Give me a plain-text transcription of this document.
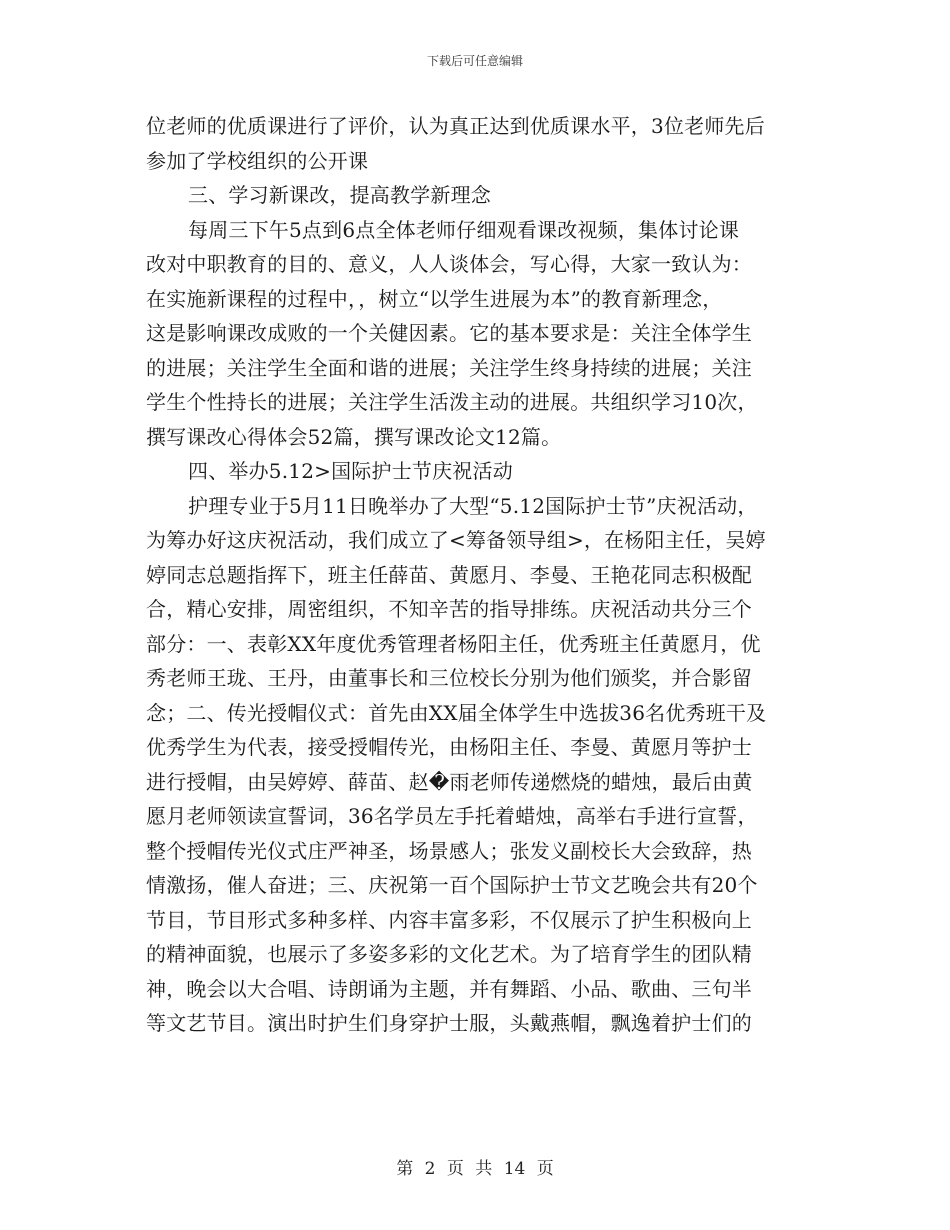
下载后可任意编辑
位老师的优质课进行了评价，认为真正达到优质课水平，3位老师先后
参加了学校组织的公开课
三、学习新课改，提高教学新理念
每周三下午5点到6点全体老师仔细观看课改视频，集体讨论课
改对中职教育的目的、意义，人人谈体会，写心得，大家一致认为：
在实施新课程的过程中，，树立“以学生进展为本”的教育新理念，
这是影响课改成败的一个关健因素。它的基本要求是：关注全体学生
的进展；关注学生全面和谐的进展；关注学生终身持续的进展；关注
学生个性持长的进展；关注学生活泼主动的进展。共组织学习10次，
撰写课改心得体会52篇，撰写课改论文12篇。
四、举办5.12>国际护士节庆祝活动
护理专业于5月11日晚举办了大型“5.12国际护士节”庆祝活动，
为筹办好这庆祝活动，我们成立了<筹备领导组>，在杨阳主任，吴婷
婷同志总题指挥下，班主任薛苗、黄愿月、李曼、王艳花同志积极配
合，精心安排，周密组织，不知辛苦的指导排练。庆祝活动共分三个
部分：一、表彰XX年度优秀管理者杨阳主任，优秀班主任黄愿月，优
秀老师王珑、王丹，由董事长和三位校长分别为他们颁奖，并合影留
念；二、传光授帽仪式：首先由XX届全体学生中选拔36名优秀班干及
优秀学生为代表，接受授帽传光，由杨阳主任、李曼、黄愿月等护士
进行授帽，由吴婷婷、薛苗、赵�雨老师传递燃烧的蜡烛，最后由黄
愿月老师领读宣誓词，36名学员左手托着蜡烛，高举右手进行宣誓，
整个授帽传光仪式庄严神圣，场景感人；张发义副校长大会致辞，热
情激扬，催人奋进；三、庆祝第一百个国际护士节文艺晚会共有20个
节目，节目形式多种多样、内容丰富多彩，不仅展示了护生积极向上
的精神面貌，也展示了多姿多彩的文化艺术。为了培育学生的团队精
神，晚会以大合唱、诗朗诵为主题，并有舞蹈、小品、歌曲、三句半
等文艺节目。演出时护生们身穿护士服，头戴燕帽，飘逸着护士们的
第 2 页 共 14 页
